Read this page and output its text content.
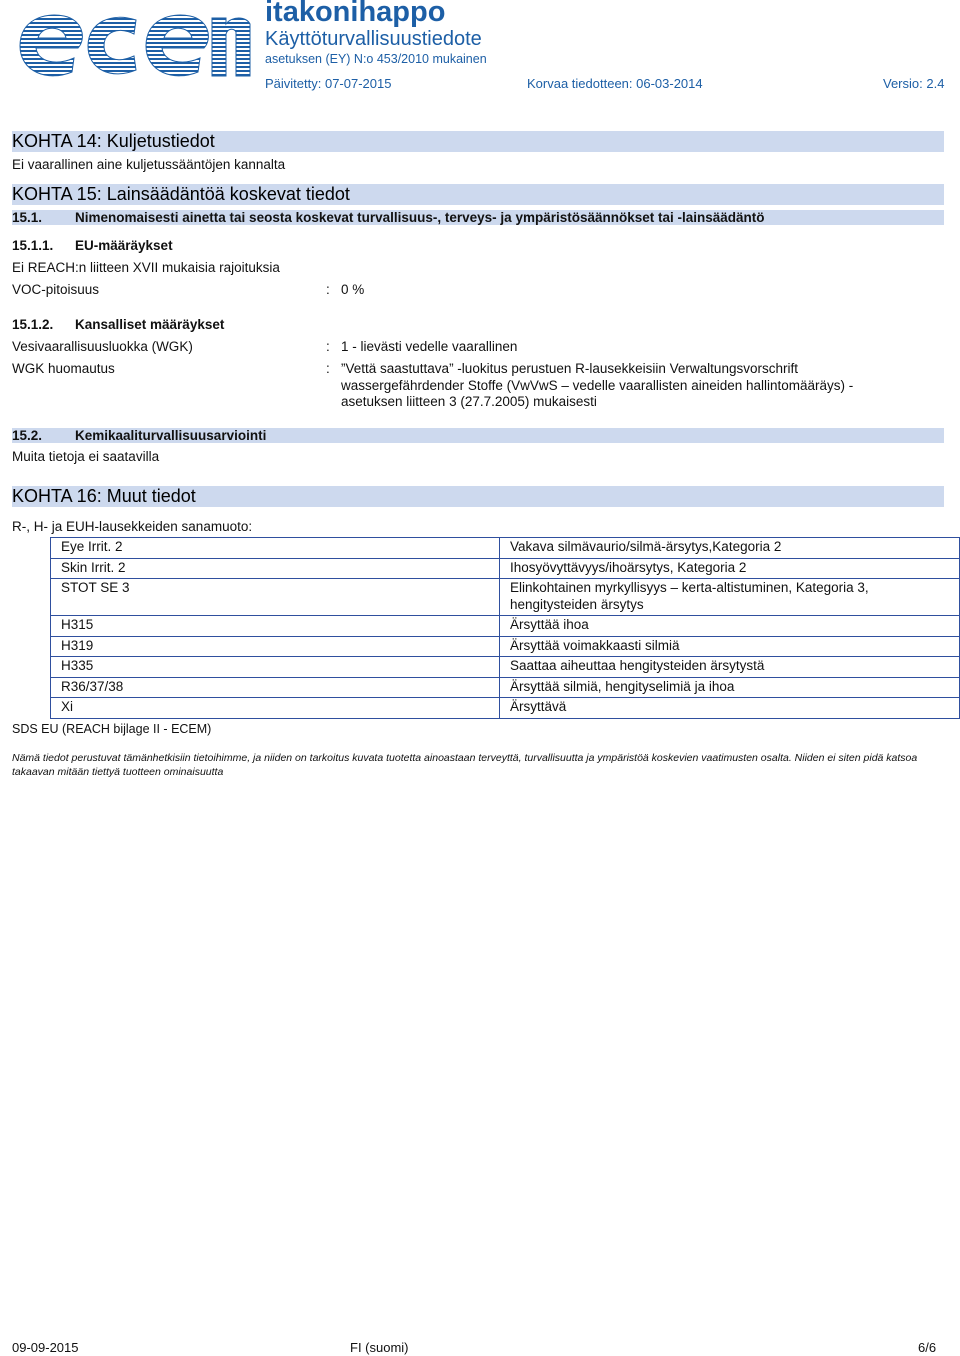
itakonihappo
Käyttöturvallisuustiedote
asetuksen (EY) N:o 453/2010 mukainen
Päivitetty: 07-07-2015	Korvaa tiedotteen: 06-03-2014	Versio: 2.4
KOHTA 14: Kuljetustiedot
Ei vaarallinen aine kuljetussääntöjen kannalta
KOHTA 15: Lainsäädäntöä koskevat tiedot
15.1. Nimenomaisesti ainetta tai seosta koskevat turvallisuus-, terveys- ja ympäristösäännökset tai -lainsäädäntö
15.1.1. EU-määräykset
Ei REACH:n liitteen XVII mukaisia rajoituksia
VOC-pitoisuus	: 0 %
15.1.2. Kansalliset määräykset
Vesivaarallisuusluokka (WGK)	: 1 - lievästi vedelle vaarallinen
WGK huomautus	: ”Vettä saastuttava” -luokitus perustuen R-lausekkeisiin Verwaltungsvorschrift wassergefährdender Stoffe (VwVwS – vedelle vaarallisten aineiden hallintomääräys) -asetuksen liitteen 3 (27.7.2005) mukaisesti
15.2. Kemikaaliturvallisuusarviointi
Muita tietoja ei saatavilla
KOHTA 16: Muut tiedot
R-, H- ja EUH-lausekkeiden sanamuoto:
Eye Irrit. 2	Vakava silmävaurio/silmä-ärsytys,Kategoria 2
Skin Irrit. 2	Ihosyövyttävyys/ihoärsytys, Kategoria 2
STOT SE 3	Elinkohtainen myrkyllisyys – kerta-altistuminen, Kategoria 3, hengitysteiden ärsytys
H315	Ärsyttää ihoa
H319	Ärsyttää voimakkaasti silmiä
H335	Saattaa aiheuttaa hengitysteiden ärsytystä
R36/37/38	Ärsyttää silmiä, hengityselimiä ja ihoa
Xi	Ärsyttävä
SDS EU (REACH bijlage II - ECEM)
Nämä tiedot perustuvat tämänhetkisiin tietoihimme, ja niiden on tarkoitus kuvata tuotetta ainoastaan terveyttä, turvallisuutta ja ympäristöä koskevien vaatimusten osalta. Niiden ei siten pidä katsoa takaavan mitään tiettyä tuotteen ominaisuutta
09-09-2015	FI (suomi)	6/6
